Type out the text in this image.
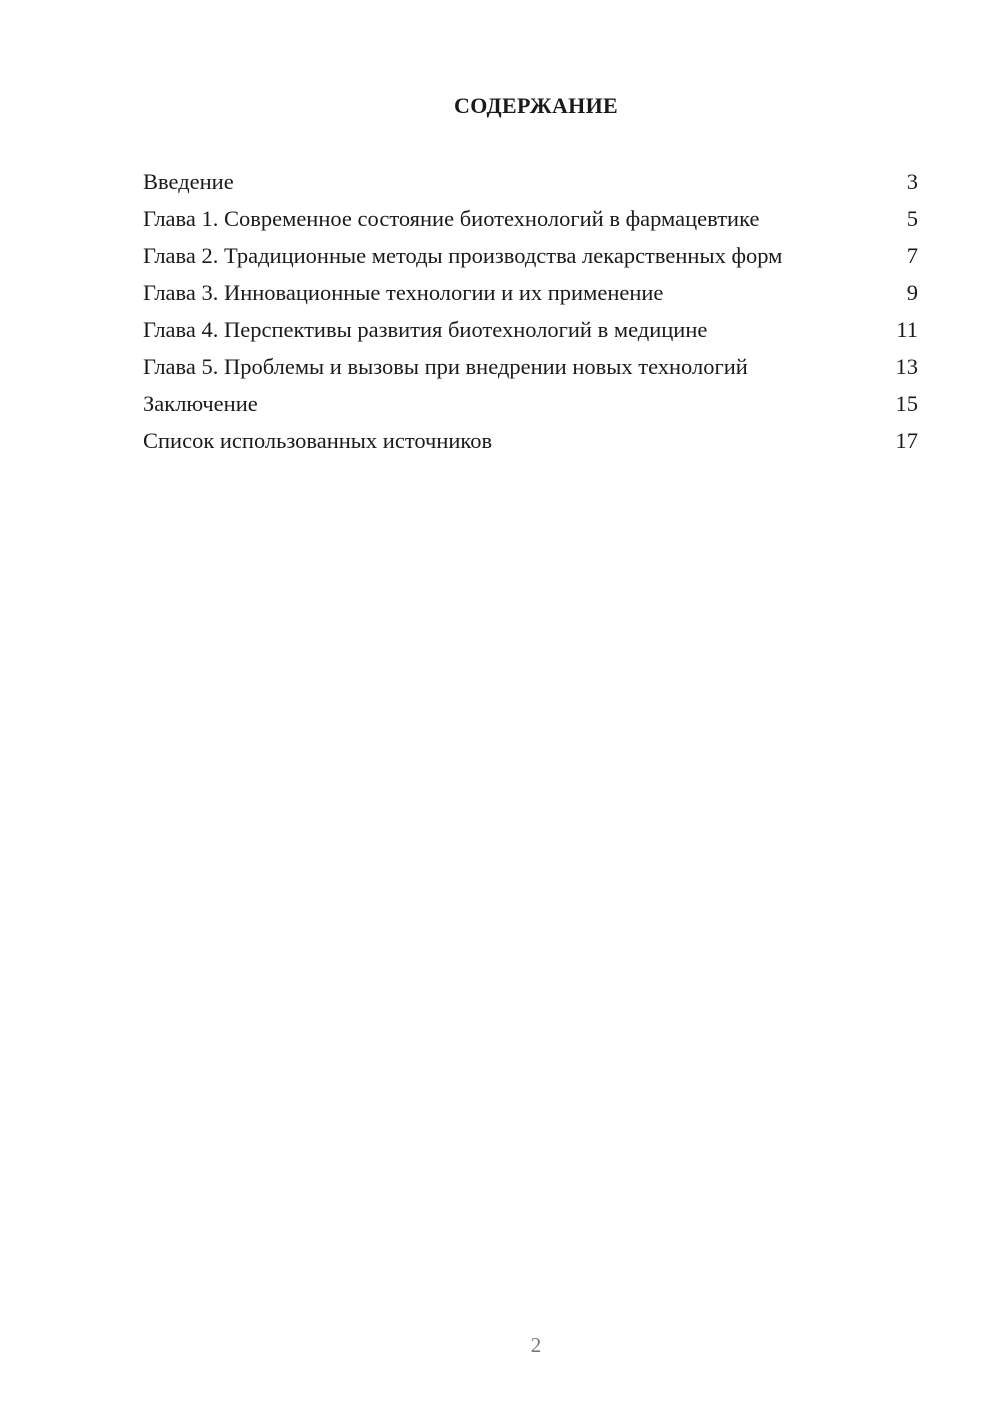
СОДЕРЖАНИЕ
Введение	3
Глава 1. Современное состояние биотехнологий в фармацевтике	5
Глава 2. Традиционные методы производства лекарственных форм	7
Глава 3. Инновационные технологии и их применение	9
Глава 4. Перспективы развития биотехнологий в медицине	11
Глава 5. Проблемы и вызовы при внедрении новых технологий	13
Заключение	15
Список использованных источников	17
2
